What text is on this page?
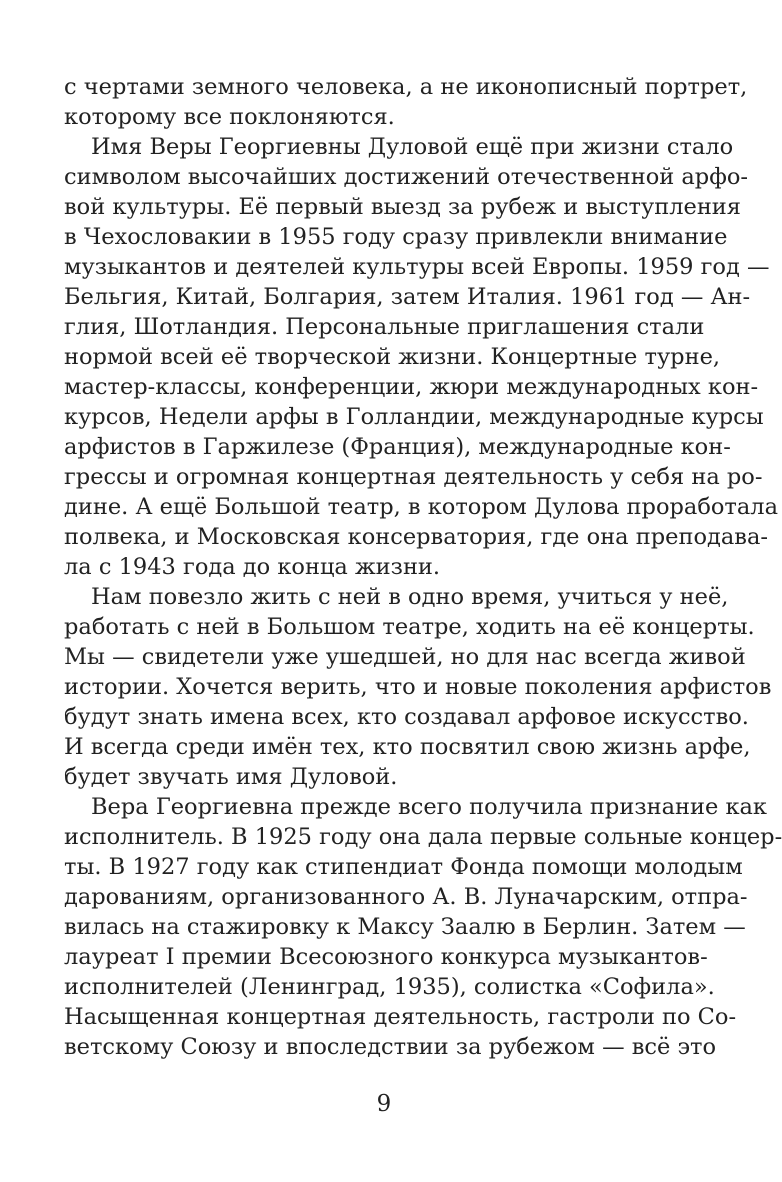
с чертами земного человека, а не иконописный портрет,
которому все поклоняются.
Имя Веры Георгиевны Дуловой ещё при жизни стало
символом высочайших достижений отечественной арфо-
вой культуры. Её первый выезд за рубеж и выступления
в Чехословакии в 1955 году сразу привлекли внимание
музыкантов и деятелей культуры всей Европы. 1959 год —
Бельгия, Китай, Болгария, затем Италия. 1961 год — Ан-
глия, Шотландия. Персональные приглашения стали
нормой всей её творческой жизни. Концертные турне,
мастер-классы, конференции, жюри международных кон-
курсов, Недели арфы в Голландии, международные курсы
арфистов в Гаржилезе (Франция), международные кон-
грессы и огромная концертная деятельность у себя на ро-
дине. А ещё Большой театр, в котором Дулова проработала
полвека, и Московская консерватория, где она преподава-
ла с 1943 года до конца жизни.
Нам повезло жить с ней в одно время, учиться у неё,
работать с ней в Большом театре, ходить на её концерты.
Мы — свидетели уже ушедшей, но для нас всегда живой
истории. Хочется верить, что и новые поколения арфистов
будут знать имена всех, кто создавал арфовое искусство.
И всегда среди имён тех, кто посвятил свою жизнь арфе,
будет звучать имя Дуловой.
Вера Георгиевна прежде всего получила признание как
исполнитель. В 1925 году она дала первые сольные концер-
ты. В 1927 году как стипендиат Фонда помощи молодым
дарованиям, организованного А. В. Луначарским, отпра-
вилась на стажировку к Максу Заалю в Берлин. Затем —
лауреат I премии Всесоюзного конкурса музыкантов-
исполнителей (Ленинград, 1935), солистка «Софила».
Насыщенная концертная деятельность, гастроли по Со-
ветскому Союзу и впоследствии за рубежом — всё это
9
